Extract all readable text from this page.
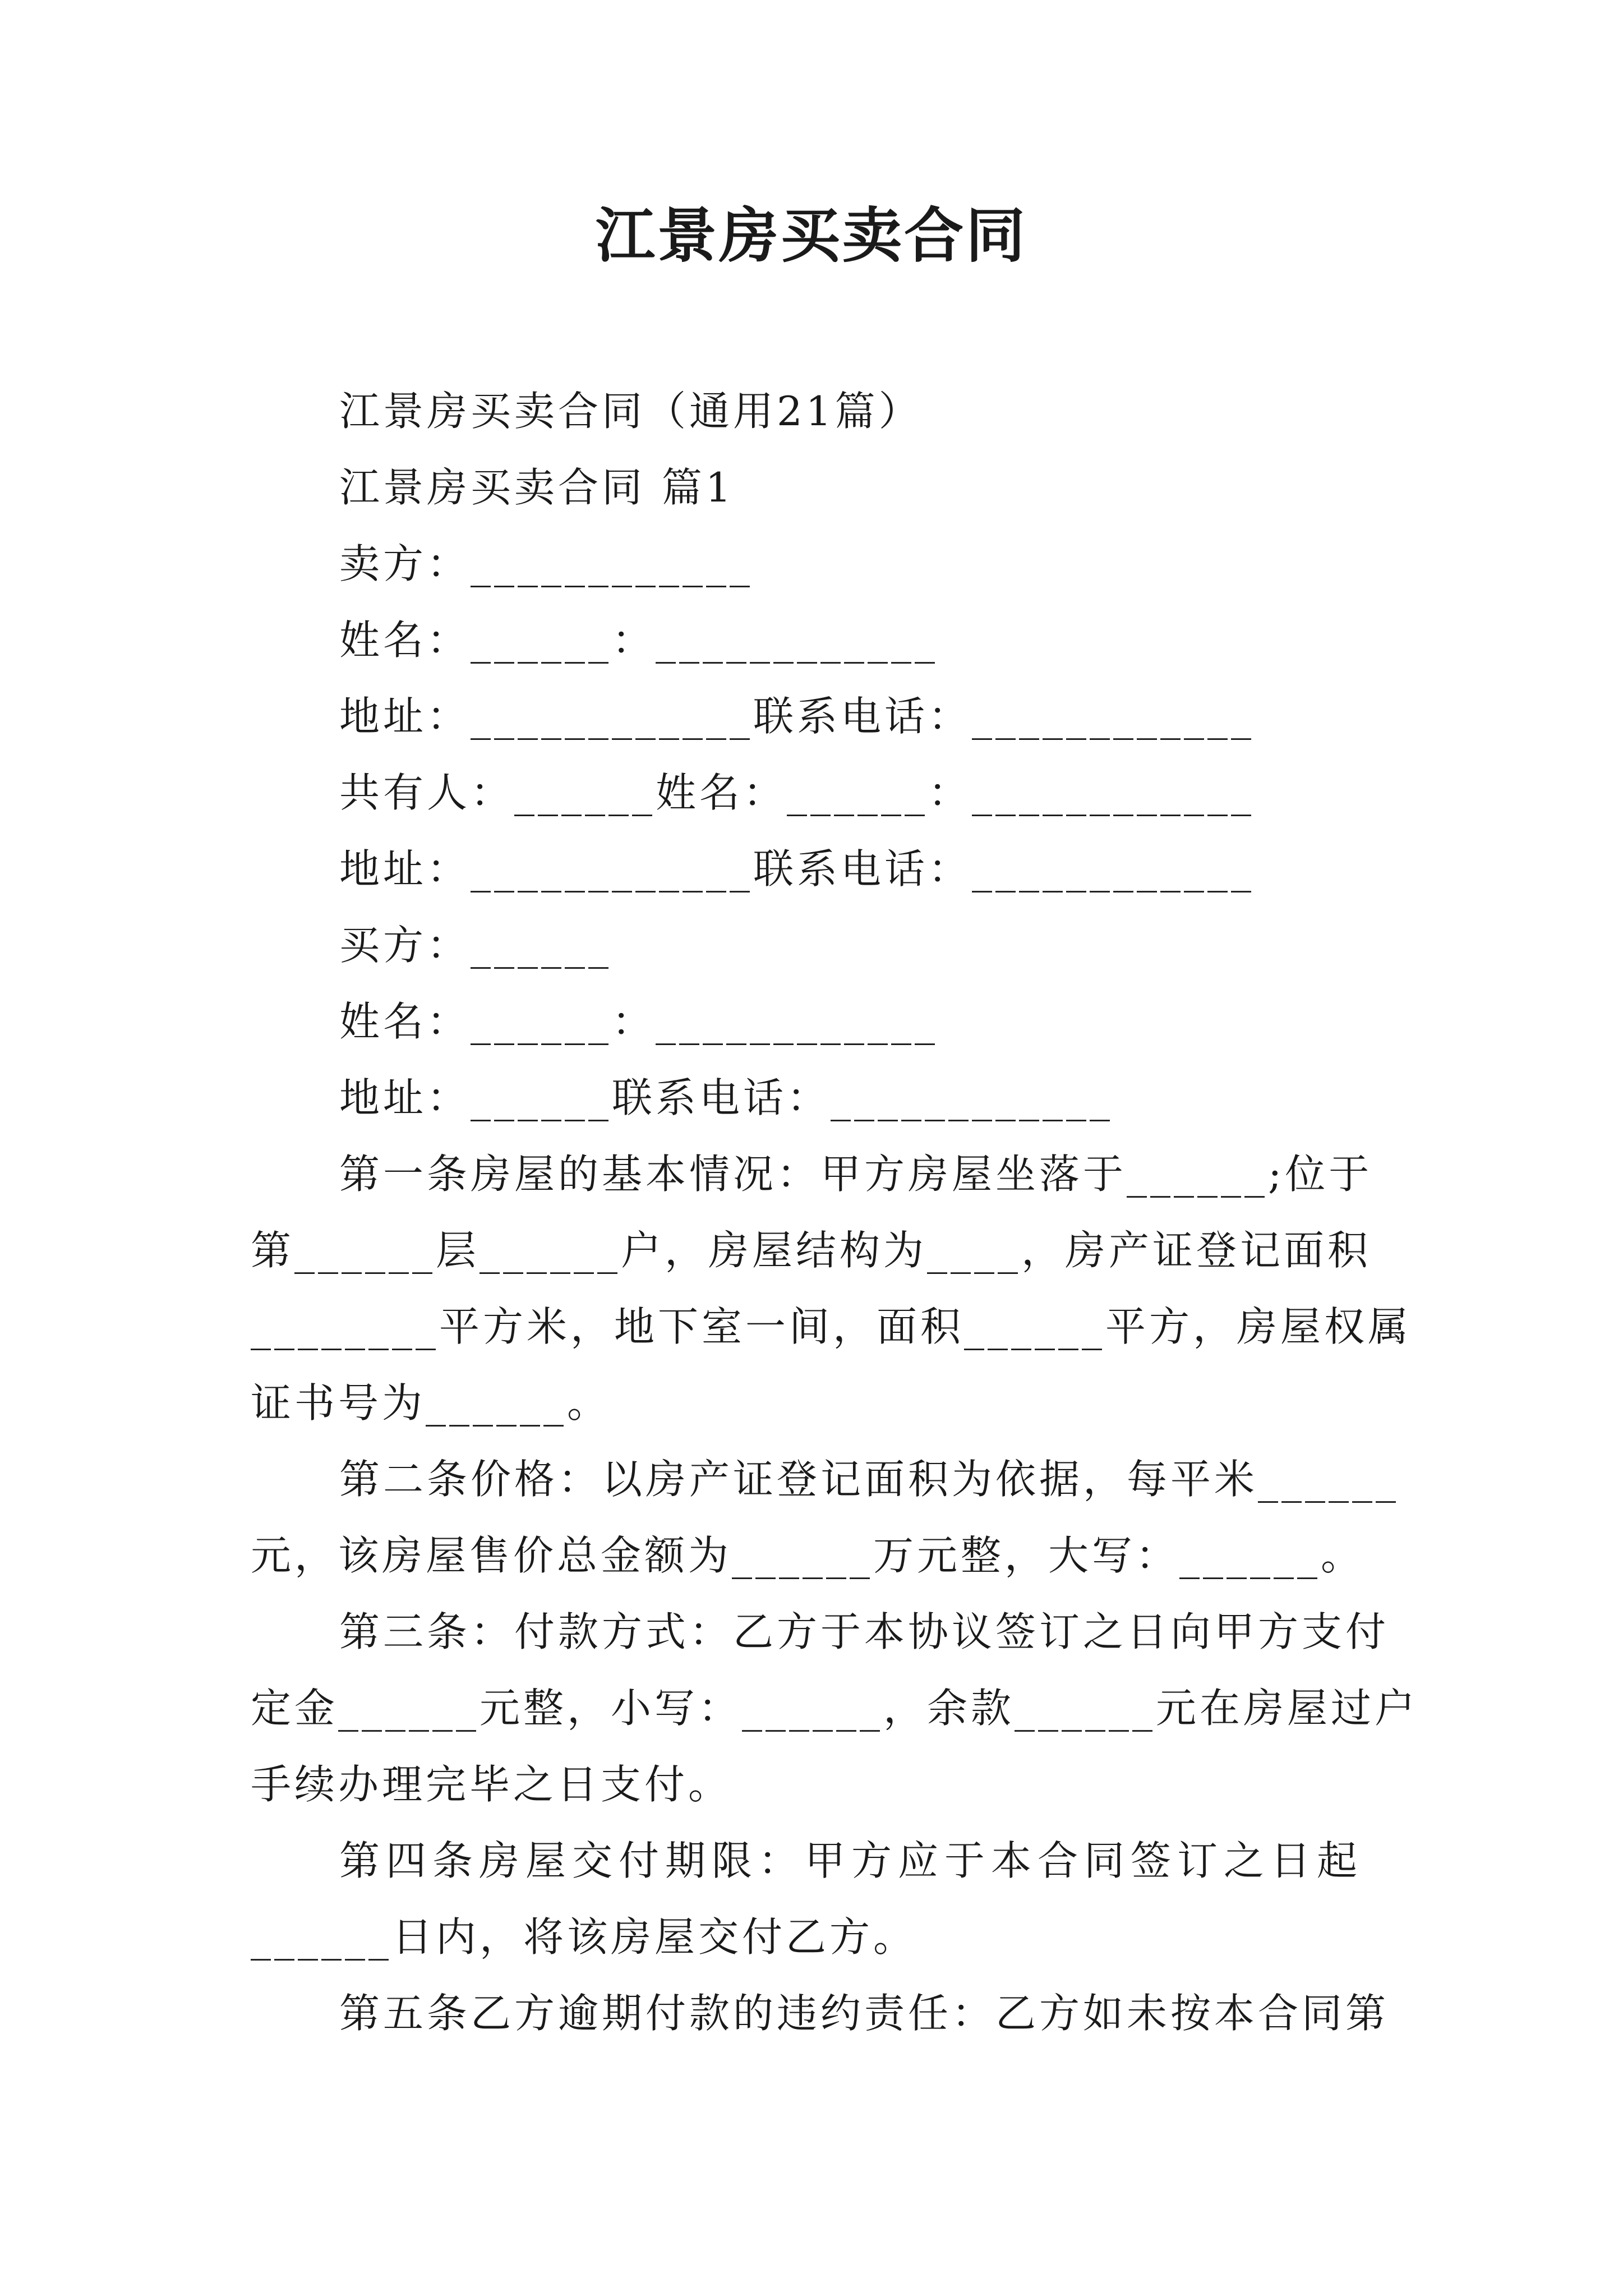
江景房买卖合同
江景房买卖合同（通用21篇）
江景房买卖合同 篇1
卖方：____________
姓名：______：____________
地址：____________联系电话：____________
共有人：______姓名：______：____________
地址：____________联系电话：____________
买方：______
姓名：______：____________
地址：______联系电话：____________
第一条房屋的基本情况：甲方房屋坐落于______;位于
第______层______户，房屋结构为____，房产证登记面积
________平方米，地下室一间，面积______平方，房屋权属
证书号为______。
第二条价格：以房产证登记面积为依据，每平米______
元，该房屋售价总金额为______万元整，大写：______。
第三条：付款方式：乙方于本协议签订之日向甲方支付
定金______元整，小写：______，余款______元在房屋过户
手续办理完毕之日支付。
第四条房屋交付期限：甲方应于本合同签订之日起
______日内，将该房屋交付乙方。
第五条乙方逾期付款的违约责任：乙方如未按本合同第
